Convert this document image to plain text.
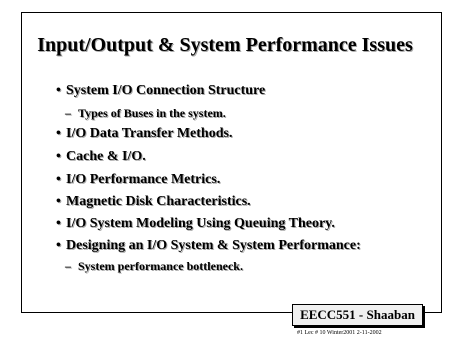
Input/Output & System Performance Issues
• System I/O Connection Structure
– Types of Buses in the system.
• I/O Data Transfer Methods.
• Cache & I/O.
• I/O Performance Metrics.
• Magnetic Disk Characteristics.
• I/O System Modeling Using Queuing Theory.
• Designing an I/O System & System Performance:
– System performance bottleneck.
EECC551 - Shaaban
#1 Lec # 10 Winter2001 2-11-2002
